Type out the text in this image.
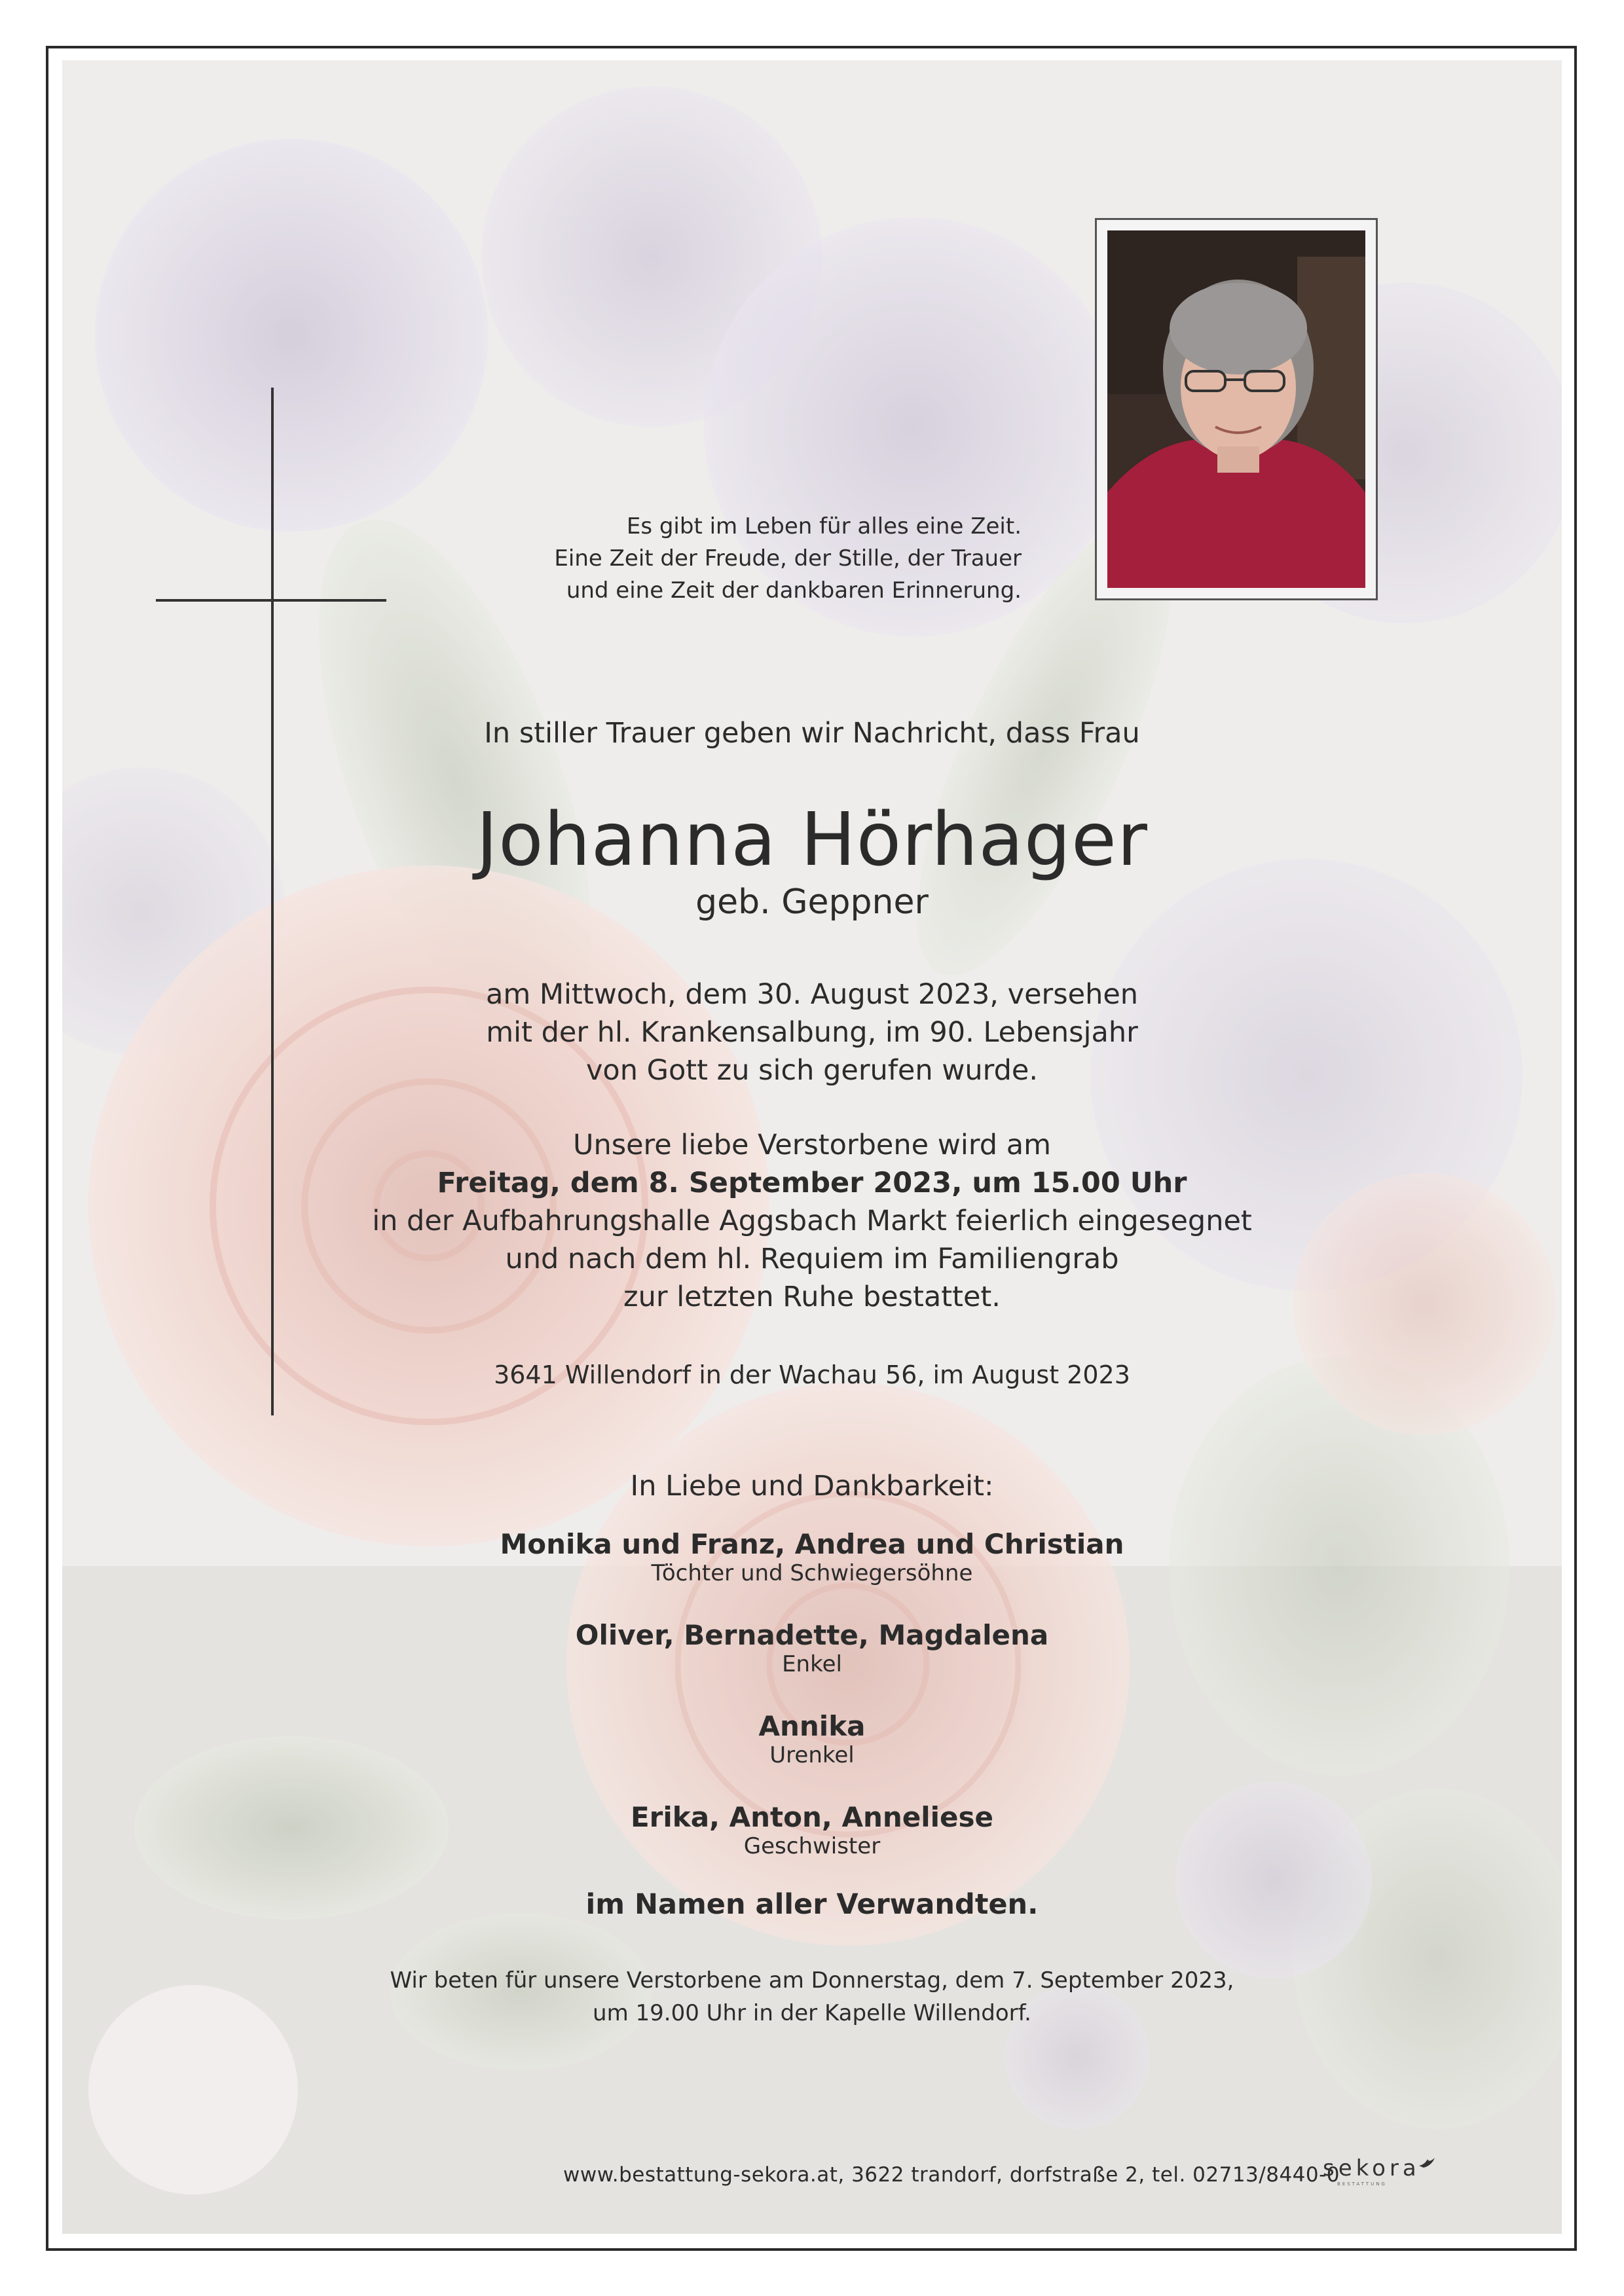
Es gibt im Leben für alles eine Zeit.
Eine Zeit der Freude, der Stille, der Trauer
und eine Zeit der dankbaren Erinnerung.
In stiller Trauer geben wir Nachricht, dass Frau
Johanna Hörhager
geb. Geppner
am Mittwoch, dem 30. August 2023, versehen
mit der hl. Krankensalbung, im 90. Lebensjahr
von Gott zu sich gerufen wurde.
Unsere liebe Verstorbene wird am
Freitag, dem 8. September 2023, um 15.00 Uhr
in der Aufbahrungshalle Aggsbach Markt feierlich eingesegnet
und nach dem hl. Requiem im Familiengrab
zur letzten Ruhe bestattet.
3641 Willendorf in der Wachau 56, im August 2023
In Liebe und Dankbarkeit:
Monika und Franz, Andrea und Christian
Töchter und Schwiegersöhne
Oliver, Bernadette, Magdalena
Enkel
Annika
Urenkel
Erika, Anton, Anneliese
Geschwister
im Namen aller Verwandten.
Wir beten für unsere Verstorbene am Donnerstag, dem 7. September 2023,
um 19.00 Uhr in der Kapelle Willendorf.
www.bestattung-sekora.at, 3622 trandorf, dorfstraße 2, tel. 02713/8440-0
sekora
BESTATTUNG
